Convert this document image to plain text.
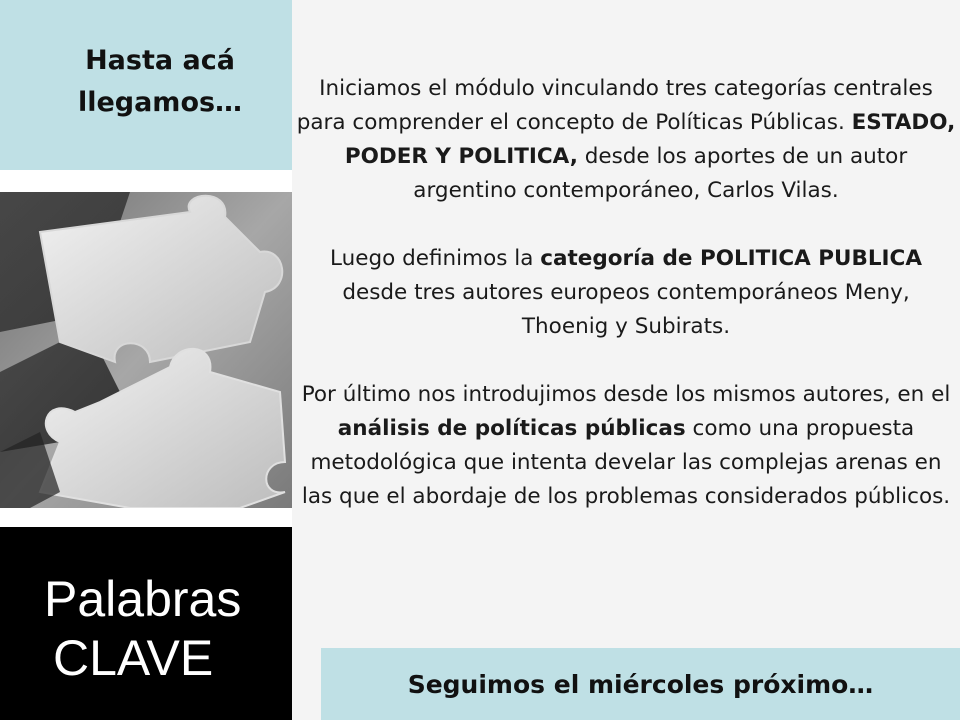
Hasta acá
llegamos…
Palabras
CLAVE

Iniciamos el módulo vinculando tres categorías centrales para comprender el concepto de Políticas Públicas. ESTADO, PODER Y POLITICA, desde los aportes de un autor argentino contemporáneo, Carlos Vilas.

Luego definimos la categoría de POLITICA PUBLICA desde tres autores europeos contemporáneos Meny, Thoenig y Subirats.

Por último nos introdujimos desde los mismos autores, en el análisis de políticas públicas como una propuesta metodológica que intenta develar las complejas arenas en las que el abordaje de los problemas considerados públicos.

Seguimos el miércoles próximo…
